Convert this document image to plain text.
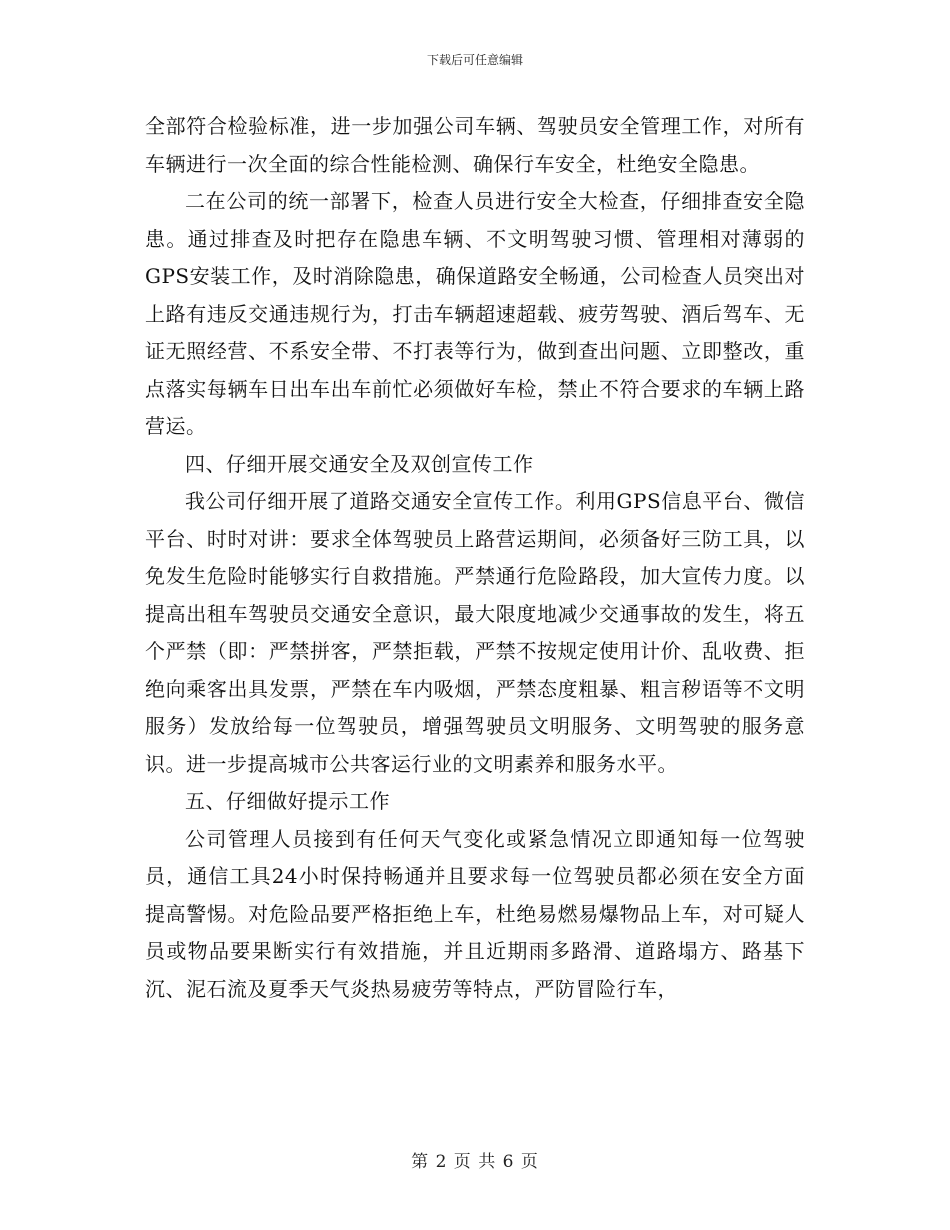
下载后可任意编辑

全部符合检验标准，进一步加强公司车辆、驾驶员安全管理工作，对所有车辆进行一次全面的综合性能检测、确保行车安全，杜绝安全隐患。

二在公司的统一部署下，检查人员进行安全大检查，仔细排查安全隐患。通过排查及时把存在隐患车辆、不文明驾驶习惯、管理相对薄弱的GPS安装工作，及时消除隐患，确保道路安全畅通，公司检查人员突出对上路有违反交通违规行为，打击车辆超速超载、疲劳驾驶、酒后驾车、无证无照经营、不系安全带、不打表等行为，做到查出问题、立即整改，重点落实每辆车日出车出车前忙必须做好车检，禁止不符合要求的车辆上路营运。

四、仔细开展交通安全及双创宣传工作

我公司仔细开展了道路交通安全宣传工作。利用GPS信息平台、微信平台、时时对讲：要求全体驾驶员上路营运期间，必须备好三防工具，以免发生危险时能够实行自救措施。严禁通行危险路段，加大宣传力度。以提高出租车驾驶员交通安全意识，最大限度地减少交通事故的发生，将五个严禁（即：严禁拼客，严禁拒载，严禁不按规定使用计价、乱收费、拒绝向乘客出具发票，严禁在车内吸烟，严禁态度粗暴、粗言秽语等不文明服务）发放给每一位驾驶员，增强驾驶员文明服务、文明驾驶的服务意识。进一步提高城市公共客运行业的文明素养和服务水平。

五、仔细做好提示工作

公司管理人员接到有任何天气变化或紧急情况立即通知每一位驾驶员，通信工具24小时保持畅通并且要求每一位驾驶员都必须在安全方面提高警惕。对危险品要严格拒绝上车，杜绝易燃易爆物品上车，对可疑人员或物品要果断实行有效措施，并且近期雨多路滑、道路塌方、路基下沉、泥石流及夏季天气炎热易疲劳等特点，严防冒险行车，

第 2 页 共 6 页
